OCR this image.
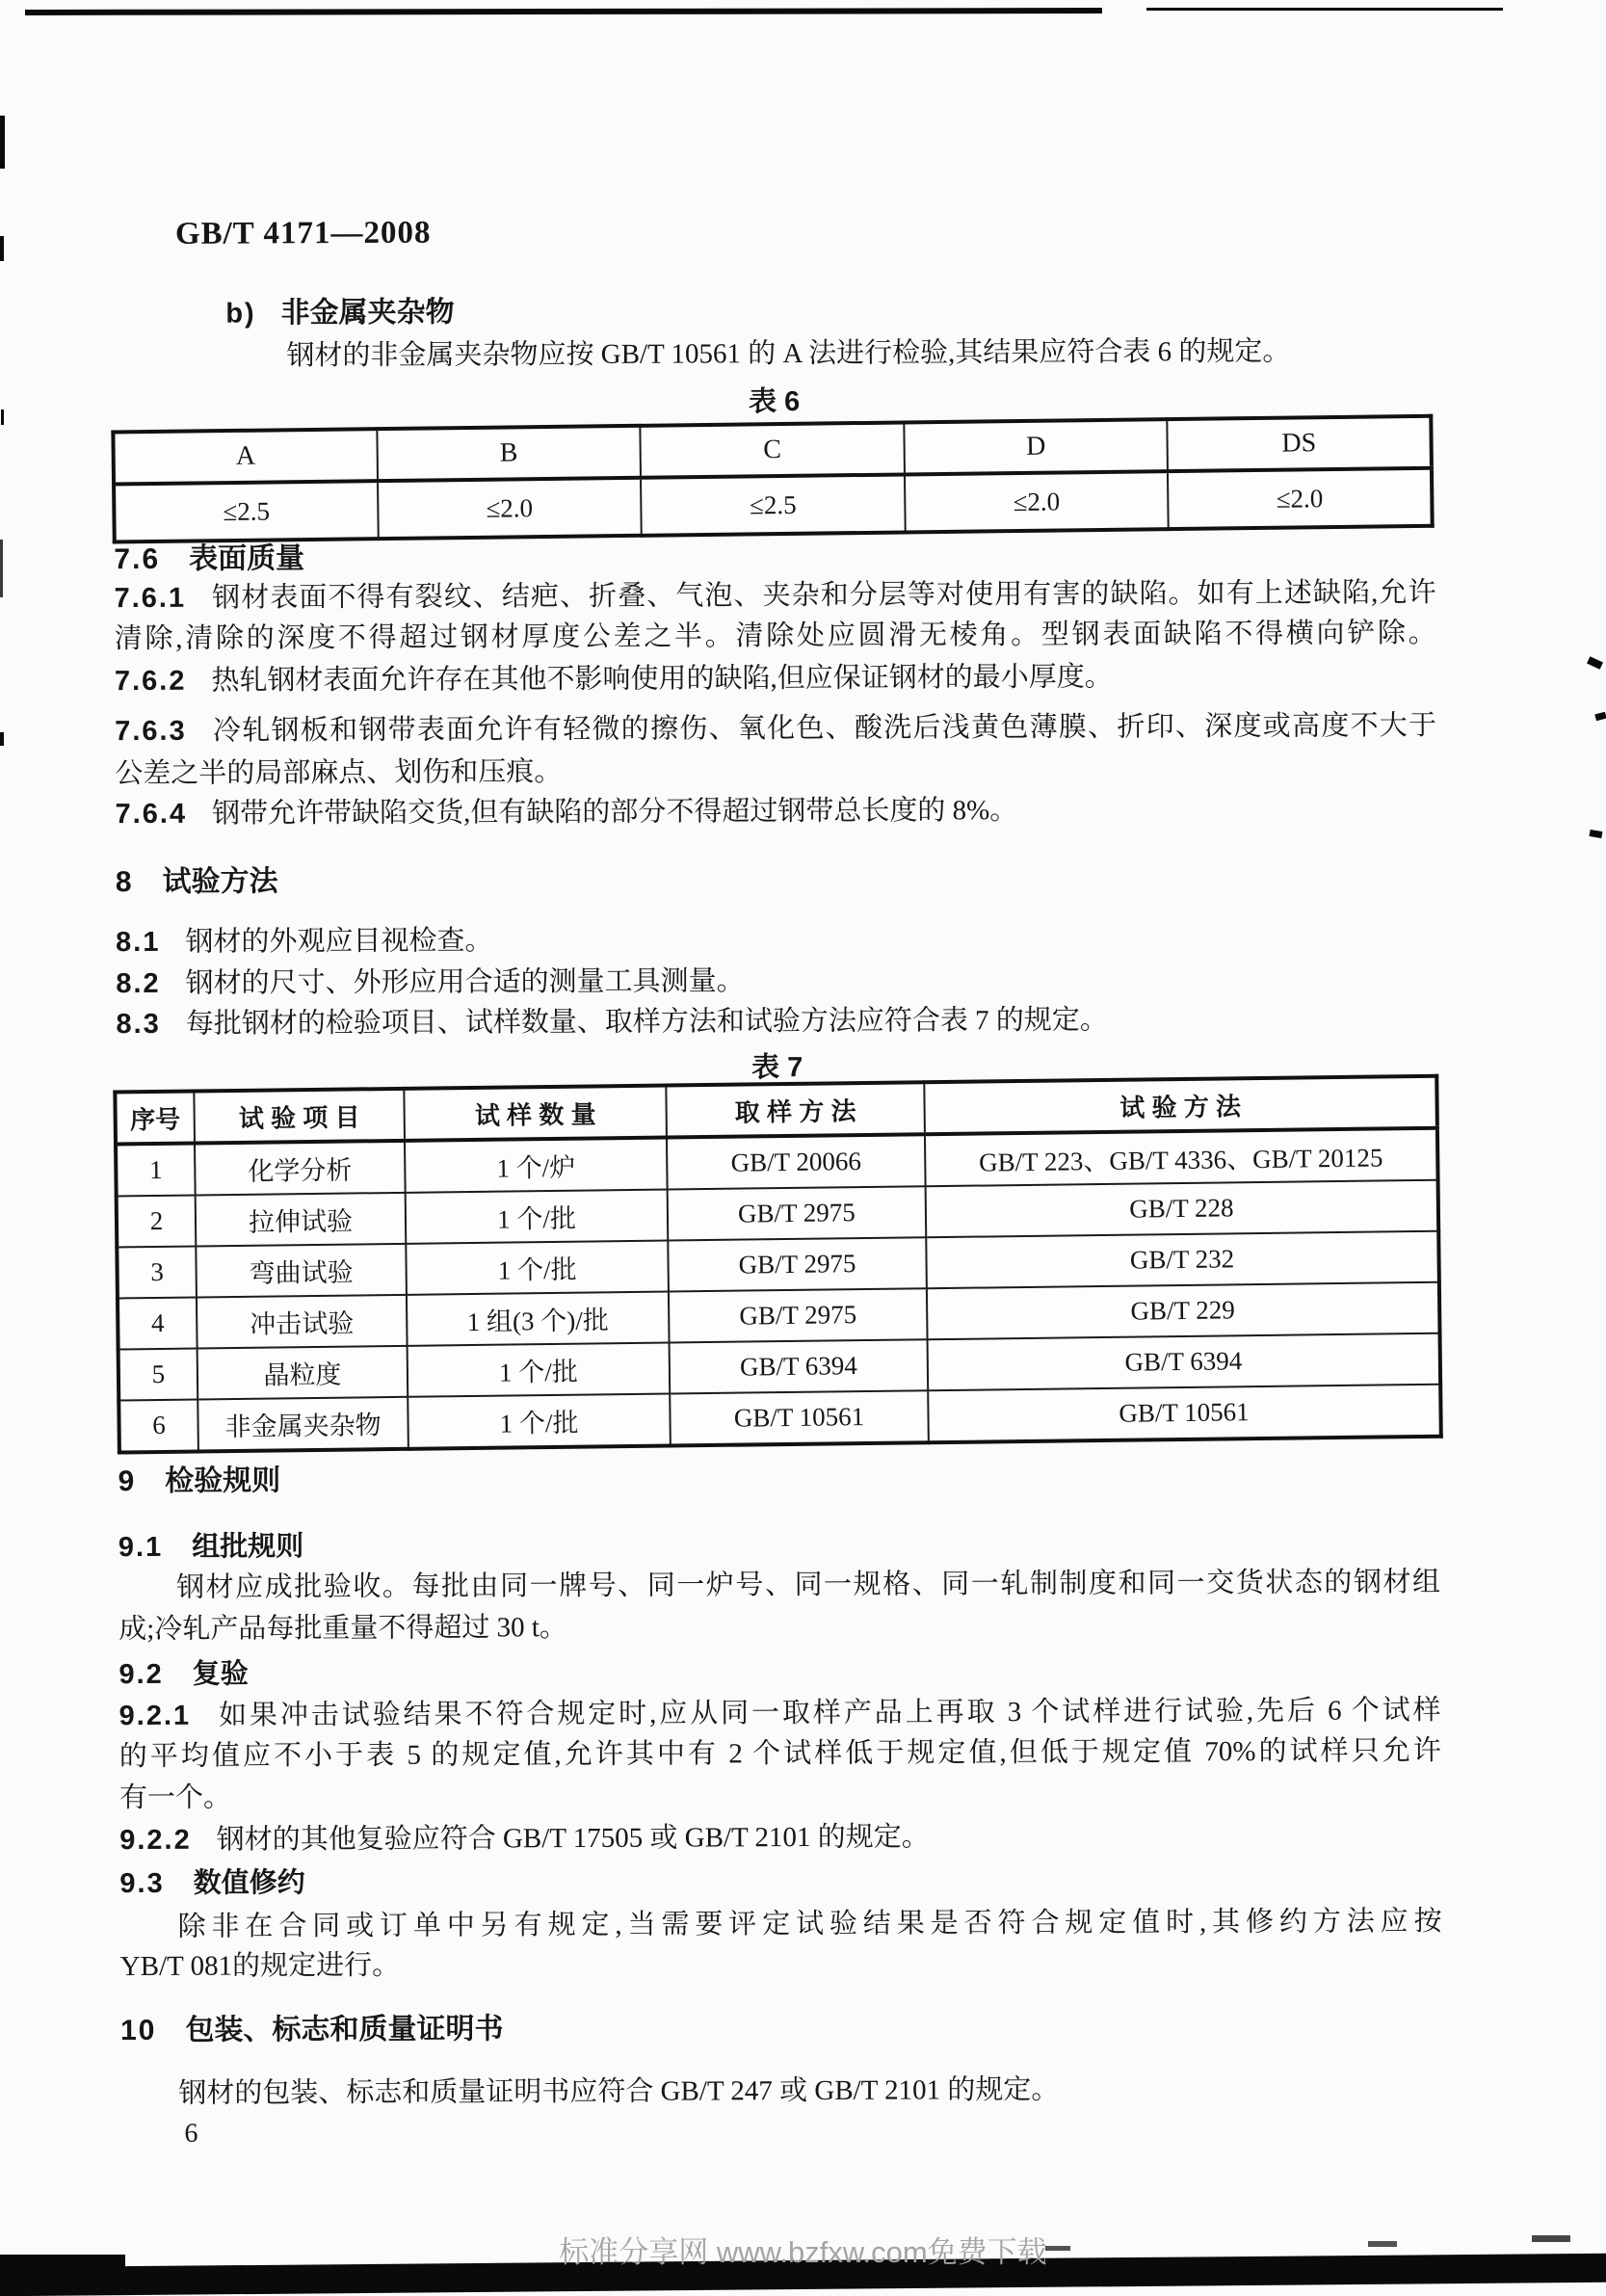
GB/T 4171—2008
b) 非金属夹杂物
钢材的非金属夹杂物应按 GB/T 10561 的 A 法进行检验,其结果应符合表 6 的规定。
表 6
A	B	C	D	DS
≤2.5	≤2.0	≤2.5	≤2.0	≤2.0
7.6 表面质量
7.6.1 钢材表面不得有裂纹、结疤、折叠、气泡、夹杂和分层等对使用有害的缺陷。如有上述缺陷,允许
清除,清除的深度不得超过钢材厚度公差之半。清除处应圆滑无棱角。型钢表面缺陷不得横向铲除。
7.6.2 热轧钢材表面允许存在其他不影响使用的缺陷,但应保证钢材的最小厚度。
7.6.3 冷轧钢板和钢带表面允许有轻微的擦伤、氧化色、酸洗后浅黄色薄膜、折印、深度或高度不大于
公差之半的局部麻点、划伤和压痕。
7.6.4 钢带允许带缺陷交货,但有缺陷的部分不得超过钢带总长度的 8%。
8 试验方法
8.1 钢材的外观应目视检查。
8.2 钢材的尺寸、外形应用合适的测量工具测量。
8.3 每批钢材的检验项目、试样数量、取样方法和试验方法应符合表 7 的规定。
表 7
序号	试 验 项 目	试 样 数 量	取 样 方 法	试 验 方 法
1	化学分析	1 个/炉	GB/T 20066	GB/T 223、GB/T 4336、GB/T 20125
2	拉伸试验	1 个/批	GB/T 2975	GB/T 228
3	弯曲试验	1 个/批	GB/T 2975	GB/T 232
4	冲击试验	1 组(3 个)/批	GB/T 2975	GB/T 229
5	晶粒度	1 个/批	GB/T 6394	GB/T 6394
6	非金属夹杂物	1 个/批	GB/T 10561	GB/T 10561
9 检验规则
9.1 组批规则
钢材应成批验收。每批由同一牌号、同一炉号、同一规格、同一轧制制度和同一交货状态的钢材组
成;冷轧产品每批重量不得超过 30 t。
9.2 复验
9.2.1 如果冲击试验结果不符合规定时,应从同一取样产品上再取 3 个试样进行试验,先后 6 个试样
的平均值应不小于表 5 的规定值,允许其中有 2 个试样低于规定值,但低于规定值 70%的试样只允许
有一个。
9.2.2 钢材的其他复验应符合 GB/T 17505 或 GB/T 2101 的规定。
9.3 数值修约
除非在合同或订单中另有规定,当需要评定试验结果是否符合规定值时,其修约方法应按
YB/T 081的规定进行。
10 包装、标志和质量证明书
钢材的包装、标志和质量证明书应符合 GB/T 247 或 GB/T 2101 的规定。
6
标准分享网 www.bzfxw.com免费下载
